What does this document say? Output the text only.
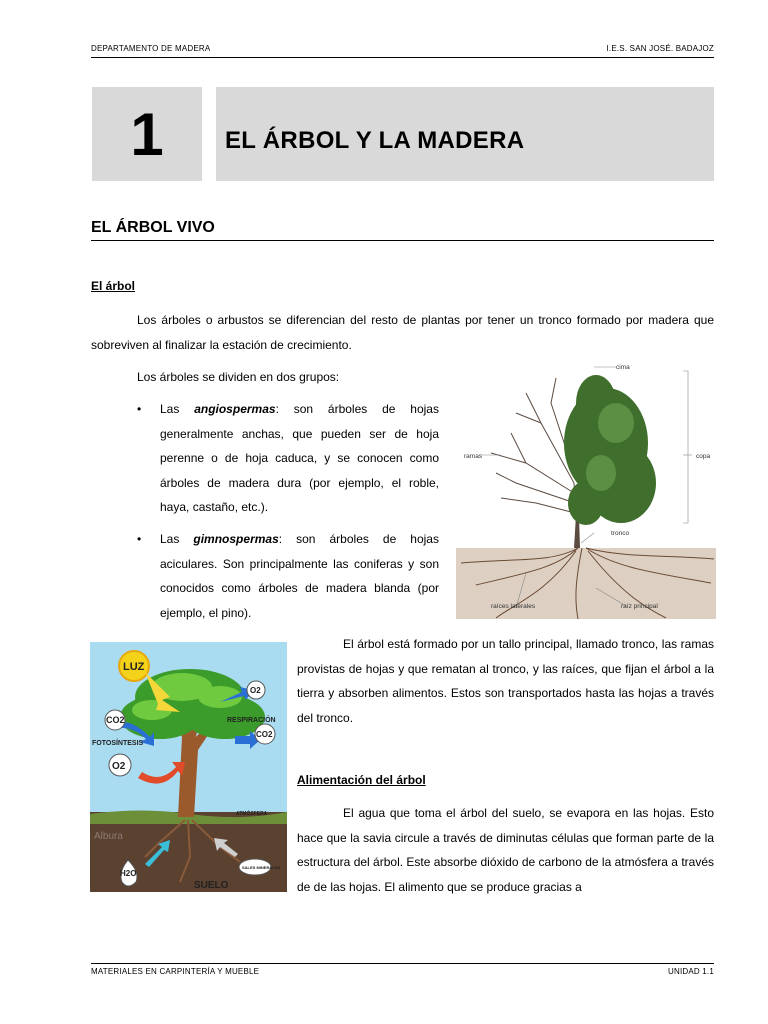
DEPARTAMENTO DE MADERA	I.E.S. SAN JOSÉ. BADAJOZ
1	EL ÁRBOL Y LA MADERA
EL ÁRBOL VIVO
El árbol
Los árboles o arbustos se diferencian del resto de plantas por tener un tronco formado por madera que sobreviven al finalizar la estación de crecimiento.
Los árboles se dividen en dos grupos:
• Las angiospermas: son árboles de hojas generalmente anchas, que pueden ser de hoja perenne o de hoja caduca, y se conocen como árboles de madera dura (por ejemplo, el roble, haya, castaño, etc.).
• Las gimnospermas: son árboles de hojas aciculares. Son principalmente las coniferas y son conocidos como árboles de madera blanda (por ejemplo, el pino).
cima
ramas	copa
tronco
raíces laterales	raíz principal
LUZ
CO2
O2
RESPIRACIÓN
CO2
FOTOSÍNTESIS
O2
ATMÓSFERA
Albura
H2O
SALES MINERALES
SUELO
El árbol está formado por un tallo principal, llamado tronco, las ramas provistas de hojas y que rematan al tronco, y las raíces, que fijan el árbol a la tierra y absorben alimentos. Estos son transportados hasta las hojas a través del tronco.
Alimentación del árbol
El agua que toma el árbol del suelo, se evapora en las hojas. Esto hace que la savia circule a través de diminutas células que forman parte de la estructura del árbol. Este absorbe dióxido de carbono de la atmósfera a través de de las hojas. El alimento que se produce gracias a
MATERIALES EN CARPINTERÍA Y MUEBLE	UNIDAD 1.1
